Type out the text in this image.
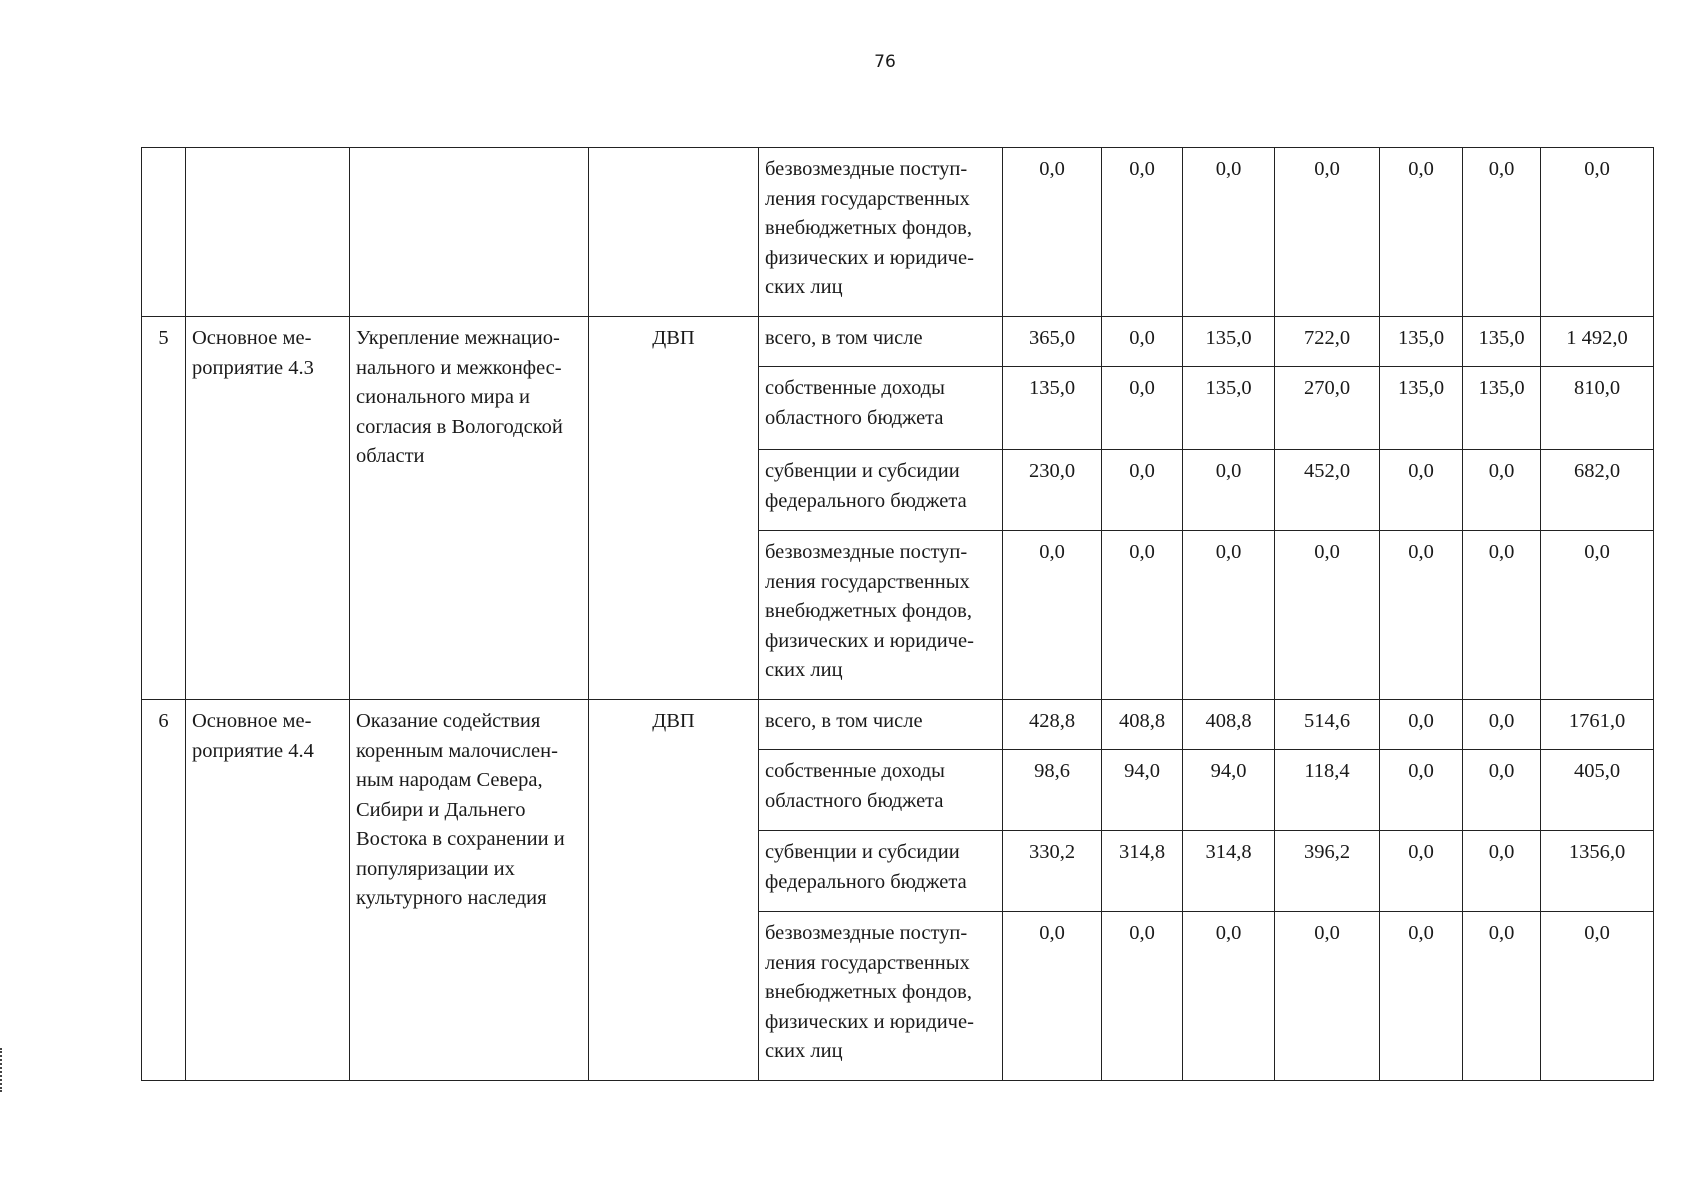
76
				безвозмездные поступ-ления государственных внебюджетных фондов, физических и юридиче-ских лиц	0,0	0,0	0,0	0,0	0,0	0,0	0,0
5	Основное ме-роприятие 4.3	Укрепление межнацио-нального и межконфес-сионального мира и согласия в Вологодской области	ДВП	всего, в том числе	365,0	0,0	135,0	722,0	135,0	135,0	1 492,0
				собственные доходы областного бюджета	135,0	0,0	135,0	270,0	135,0	135,0	810,0
				субвенции и субсидии федерального бюджета	230,0	0,0	0,0	452,0	0,0	0,0	682,0
				безвозмездные поступ-ления государственных внебюджетных фондов, физических и юридиче-ских лиц	0,0	0,0	0,0	0,0	0,0	0,0	0,0
6	Основное ме-роприятие 4.4	Оказание содействия коренным малочислен-ным народам Севера, Сибири и Дальнего Востока в сохранении и популяризации их культурного наследия	ДВП	всего, в том числе	428,8	408,8	408,8	514,6	0,0	0,0	1761,0
				собственные доходы областного бюджета	98,6	94,0	94,0	118,4	0,0	0,0	405,0
				субвенции и субсидии федерального бюджета	330,2	314,8	314,8	396,2	0,0	0,0	1356,0
				безвозмездные поступ-ления государственных внебюджетных фондов, физических и юридиче-ских лиц	0,0	0,0	0,0	0,0	0,0	0,0	0,0
